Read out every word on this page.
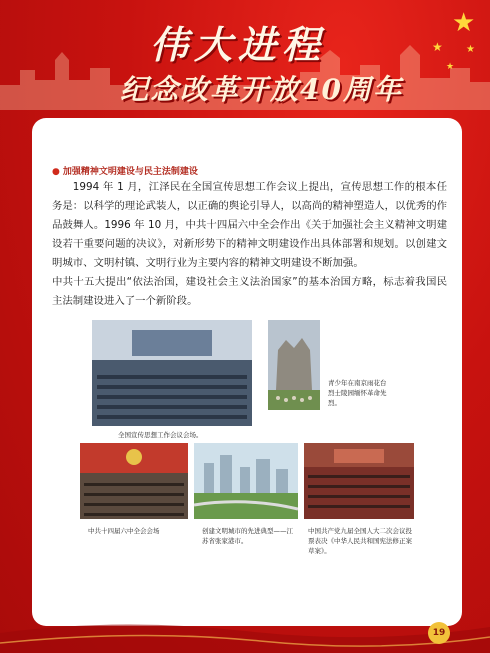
★
★ ★
★
伟大进程
纪念改革开放40周年
● 加强精神文明建设与民主法制建设

1994 年 1 月，江泽民在全国宣传思想工作会议上提出，宣传思想工作的根本任务是：以科学的理论武装人，以正确的舆论引导人，以高尚的精神塑造人，以优秀的作品鼓舞人。1996 年 10 月，中共十四届六中全会作出《关于加强社会主义精神文明建设若干重要问题的决议》，对新形势下的精神文明建设作出具体部署和规划。以创建文明城市、文明村镇、文明行业为主要内容的精神文明建设不断加强。

中共十五大提出“依法治国，建设社会主义法治国家”的基本治国方略，标志着我国民主法制建设进入了一个新阶段。

全国宣传思想工作会议会场。
青少年在南京雨花台烈士陵园缅怀革命先烈。
中共十四届六中全会会场	创建文明城市的先进典型——江苏省张家港市。
中国共产党九届全国人大二次会议投票表决《中华人民共和国宪法修正案草案》。
19
